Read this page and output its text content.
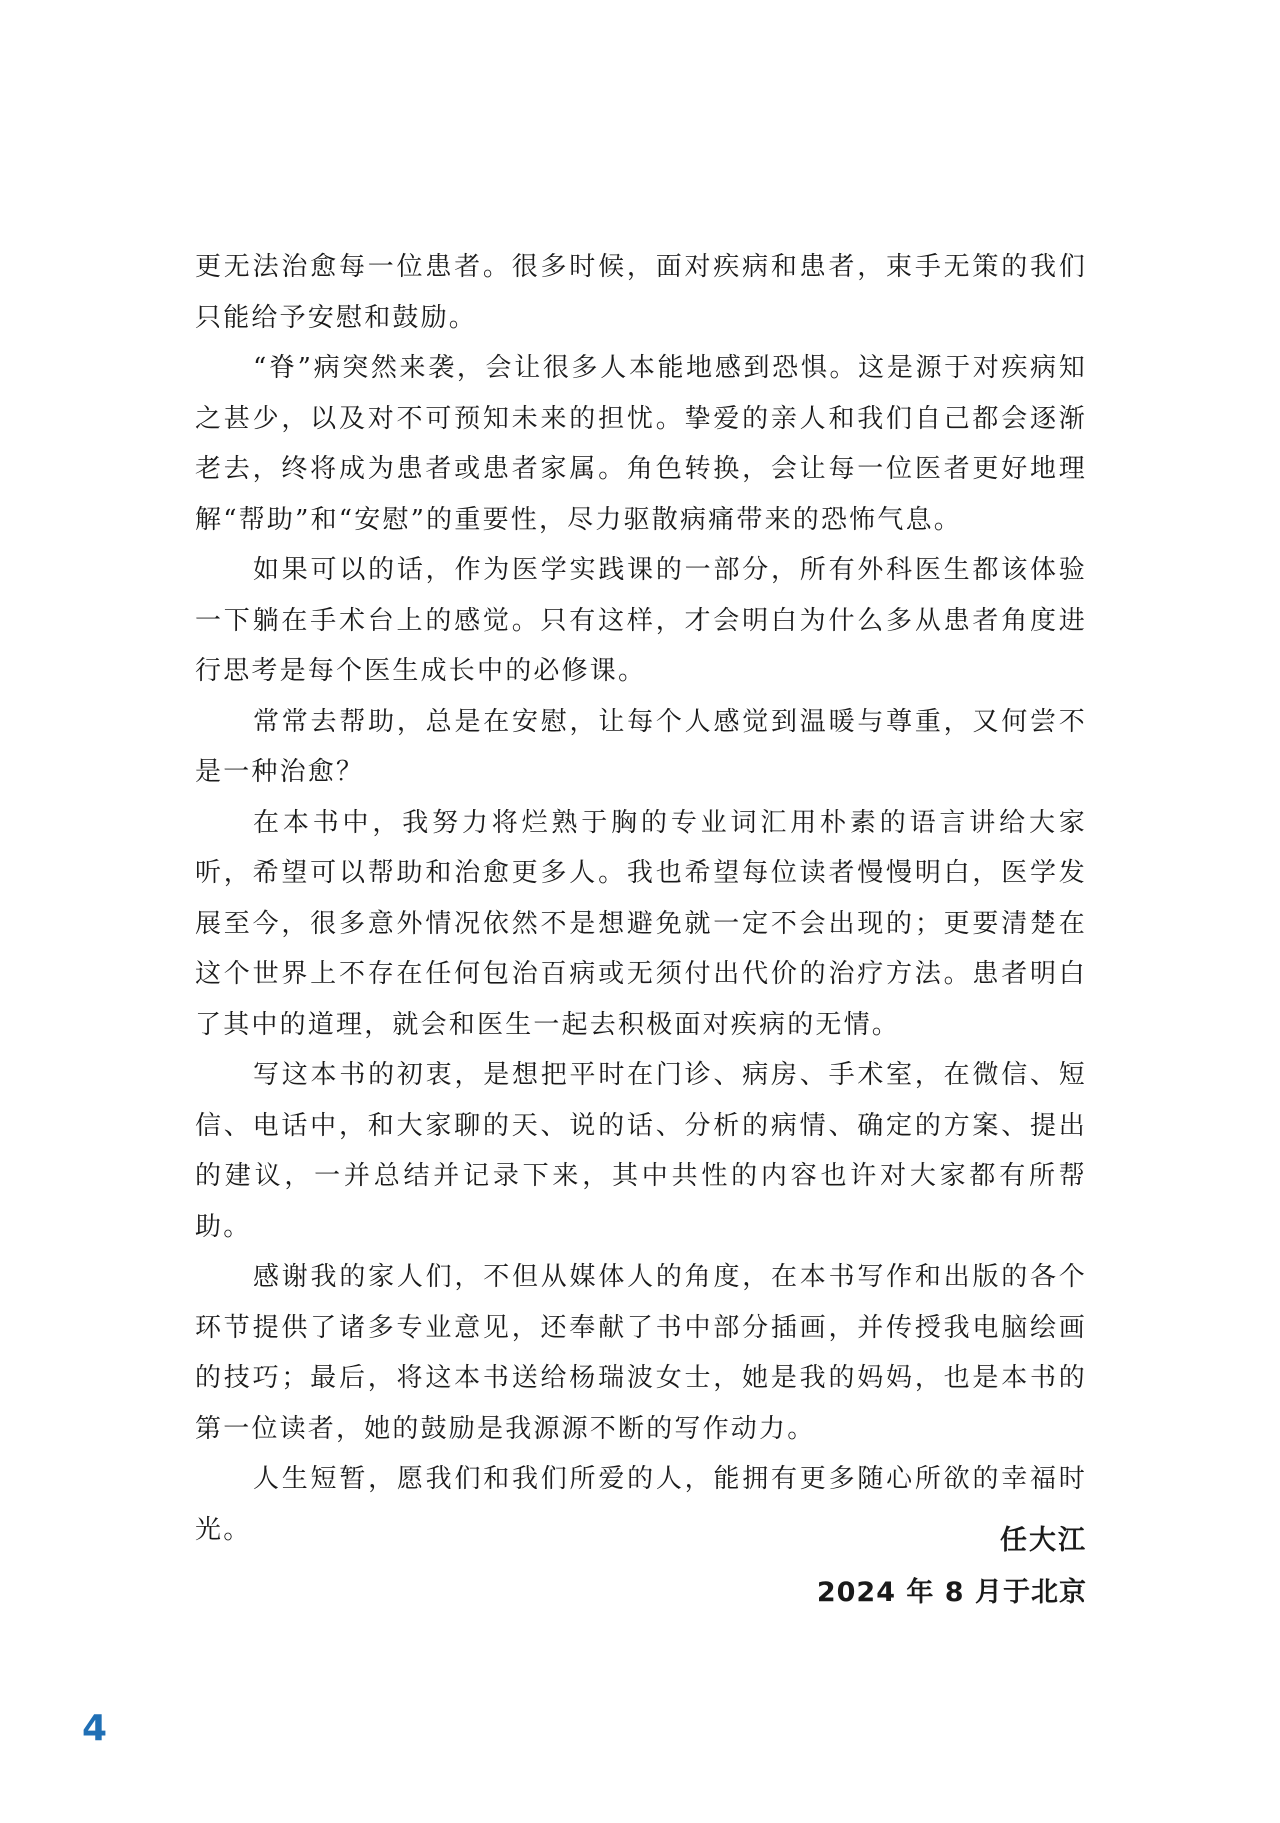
更无法治愈每一位患者。很多时候，面对疾病和患者，束手无策的我们只能给予安慰和鼓励。

“脊”病突然来袭，会让很多人本能地感到恐惧。这是源于对疾病知之甚少，以及对不可预知未来的担忧。挚爱的亲人和我们自己都会逐渐老去，终将成为患者或患者家属。角色转换，会让每一位医者更好地理解“帮助”和“安慰”的重要性，尽力驱散病痛带来的恐怖气息。

如果可以的话，作为医学实践课的一部分，所有外科医生都该体验一下躺在手术台上的感觉。只有这样，才会明白为什么多从患者角度进行思考是每个医生成长中的必修课。

常常去帮助，总是在安慰，让每个人感觉到温暖与尊重，又何尝不是一种治愈？

在本书中，我努力将烂熟于胸的专业词汇用朴素的语言讲给大家听，希望可以帮助和治愈更多人。我也希望每位读者慢慢明白，医学发展至今，很多意外情况依然不是想避免就一定不会出现的；更要清楚在这个世界上不存在任何包治百病或无须付出代价的治疗方法。患者明白了其中的道理，就会和医生一起去积极面对疾病的无情。

写这本书的初衷，是想把平时在门诊、病房、手术室，在微信、短信、电话中，和大家聊的天、说的话、分析的病情、确定的方案、提出的建议，一并总结并记录下来，其中共性的内容也许对大家都有所帮助。

感谢我的家人们，不但从媒体人的角度，在本书写作和出版的各个环节提供了诸多专业意见，还奉献了书中部分插画，并传授我电脑绘画的技巧；最后，将这本书送给杨瑞波女士，她是我的妈妈，也是本书的第一位读者，她的鼓励是我源源不断的写作动力。

人生短暂，愿我们和我们所爱的人，能拥有更多随心所欲的幸福时光。	任大江
2024 年 8 月于北京
4
